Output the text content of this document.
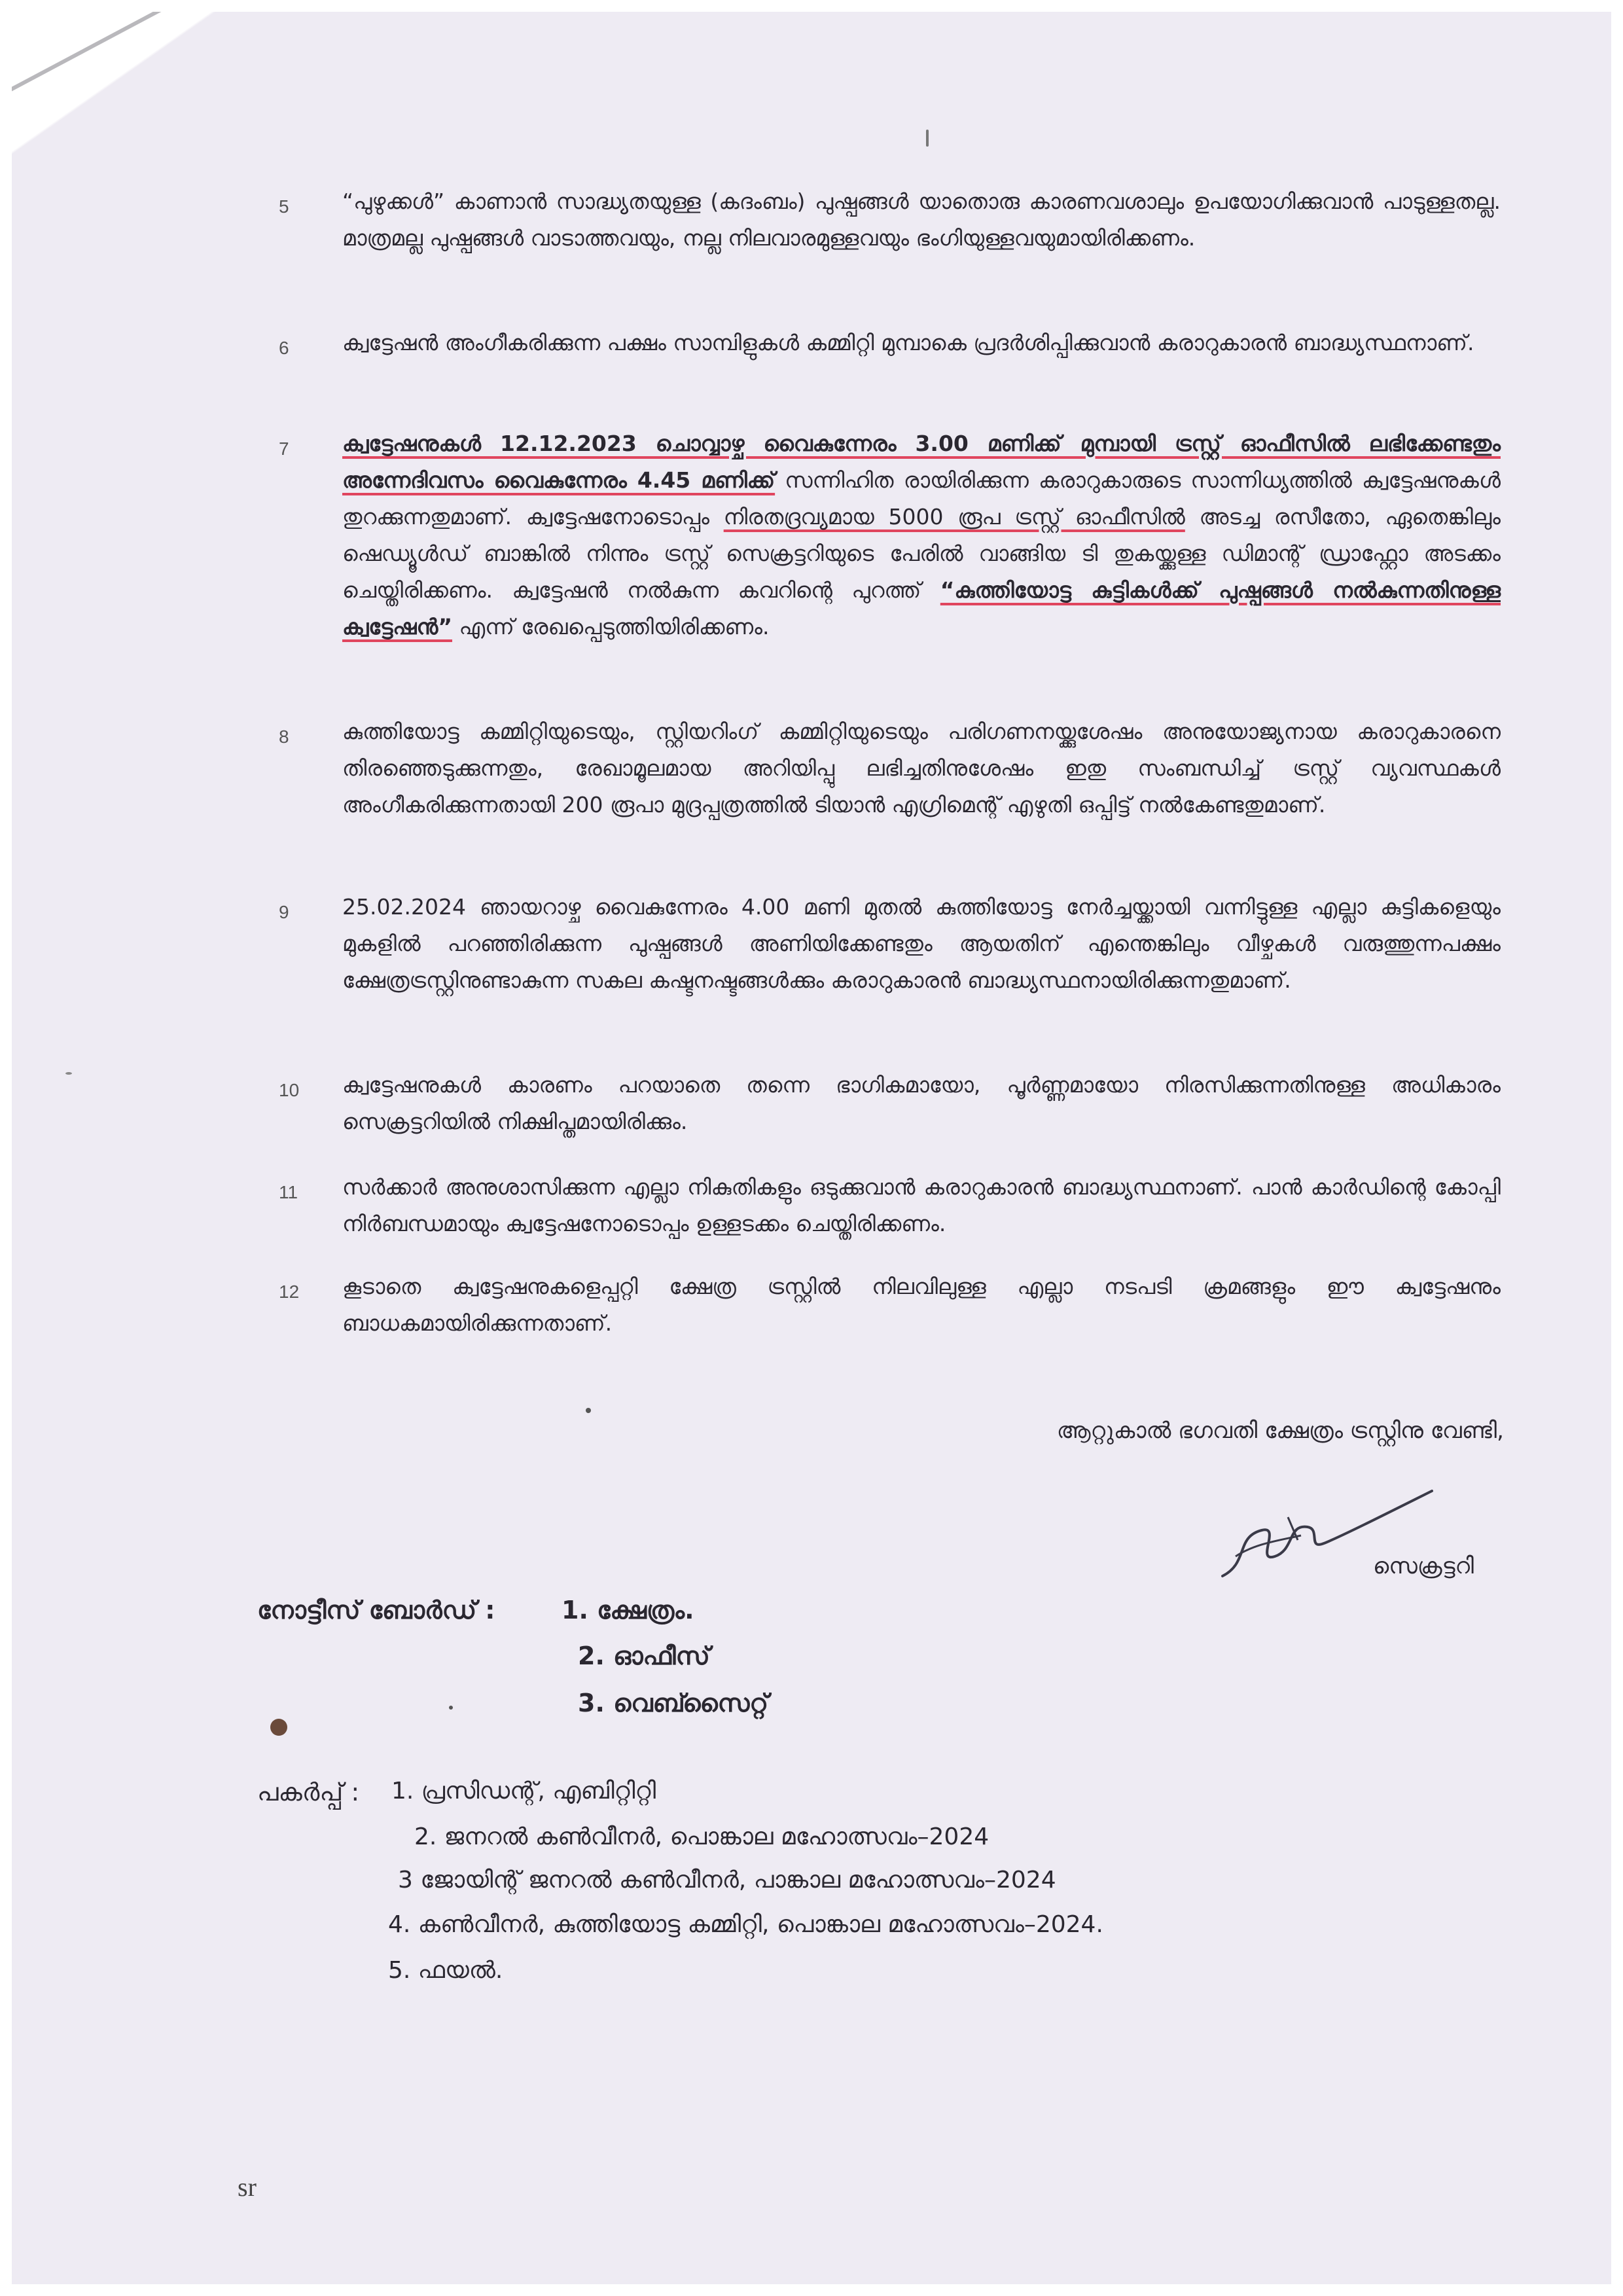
5 “പുഴുക്കൾ” കാണാൻ സാദ്ധ്യതയുള്ള (കദംബം) പുഷ്പങ്ങൾ യാതൊരു കാരണവശാലും ഉപയോഗിക്കുവാൻ പാടുള്ളതല്ല. മാത്രമല്ല പുഷ്പങ്ങൾ വാടാത്തവയും, നല്ല നിലവാരമുള്ളവയും ഭംഗിയുള്ളവയുമായിരിക്കണം.
6 ക്വട്ടേഷൻ അംഗീകരിക്കുന്ന പക്ഷം സാമ്പിളുകൾ കമ്മിറ്റി മുമ്പാകെ പ്രദർശിപ്പിക്കുവാൻ കരാറുകാരൻ ബാദ്ധ്യസ്ഥനാണ്.
7 ക്വട്ടേഷനുകൾ 12.12.2023 ചൊവ്വാഴ്ച വൈകുന്നേരം 3.00 മണിക്ക് മുമ്പായി ട്രസ്റ്റ് ഓഫീസിൽ ലഭിക്കേണ്ടതും അന്നേദിവസം വൈകുന്നേരം 4.45 മണിക്ക് സന്നിഹിത രായിരിക്കുന്ന കരാറുകാരുടെ സാന്നിധ്യത്തിൽ ക്വട്ടേഷനുകൾ തുറക്കുന്നതുമാണ്. ക്വട്ടേഷനോടൊപ്പം നിരതദ്രവ്യമായ 5000 രൂപ ട്രസ്റ്റ് ഓഫീസിൽ അടച്ച രസീതോ, ഏതെങ്കിലും ഷെഡ്യൂൾഡ് ബാങ്കിൽ നിന്നും ട്രസ്റ്റ് സെക്രട്ടറിയുടെ പേരിൽ വാങ്ങിയ ടി തുകയ്ക്കുള്ള ഡിമാന്റ് ഡ്രാഫ്റ്റോ അടക്കം ചെയ്തിരിക്കണം. ക്വട്ടേഷൻ നൽകുന്ന കവറിന്റെ പുറത്ത് “കുത്തിയോട്ട കുട്ടികൾക്ക് പുഷ്പങ്ങൾ നൽകുന്നതിനുള്ള ക്വട്ടേഷൻ” എന്ന് രേഖപ്പെടുത്തിയിരിക്കണം.
8 കുത്തിയോട്ട കമ്മിറ്റിയുടെയും, സ്റ്റിയറിംഗ് കമ്മിറ്റിയുടെയും പരിഗണനയ്ക്കുശേഷം അനുയോജ്യനായ കരാറുകാരനെ തിരഞ്ഞെടുക്കുന്നതും, രേഖാമൂലമായ അറിയിപ്പു ലഭിച്ചതിനുശേഷം ഇതു സംബന്ധിച്ച് ട്രസ്റ്റ് വ്യവസ്ഥകൾ അംഗീകരിക്കുന്നതായി 200 രൂപാ മുദ്രപ്പത്രത്തിൽ ടിയാൻ എഗ്രിമെന്റ് എഴുതി ഒപ്പിട്ട് നൽകേണ്ടതുമാണ്.
9 25.02.2024 ഞായറാഴ്ച വൈകുന്നേരം 4.00 മണി മുതൽ കുത്തിയോട്ട നേർച്ചയ്ക്കായി വന്നിട്ടുള്ള എല്ലാ കുട്ടികളെയും മുകളിൽ പറഞ്ഞിരിക്കുന്ന പുഷ്പങ്ങൾ അണിയിക്കേണ്ടതും ആയതിന് എന്തെങ്കിലും വീഴ്ചകൾ വരുത്തുന്നപക്ഷം ക്ഷേത്രട്രസ്റ്റിനുണ്ടാകുന്ന സകല കഷ്ടനഷ്ടങ്ങൾക്കും കരാറുകാരൻ ബാദ്ധ്യസ്ഥനായിരിക്കുന്നതുമാണ്.
10 ക്വട്ടേഷനുകൾ കാരണം പറയാതെ തന്നെ ഭാഗികമായോ, പൂർണ്ണമായോ നിരസിക്കുന്നതിനുള്ള അധികാരം സെക്രട്ടറിയിൽ നിക്ഷിപ്തമായിരിക്കും.
11 സർക്കാർ അനുശാസിക്കുന്ന എല്ലാ നികുതികളും ഒടുക്കുവാൻ കരാറുകാരൻ ബാദ്ധ്യസ്ഥനാണ്. പാൻ കാർഡിന്റെ കോപ്പി നിർബന്ധമായും ക്വട്ടേഷനോടൊപ്പം ഉള്ളടക്കം ചെയ്തിരിക്കണം.
12 കൂടാതെ ക്വട്ടേഷനുകളെപ്പറ്റി ക്ഷേത്ര ട്രസ്റ്റിൽ നിലവിലുള്ള എല്ലാ നടപടി ക്രമങ്ങളും ഈ ക്വട്ടേഷനും ബാധകമായിരിക്കുന്നതാണ്.
ആറ്റുകാൽ ഭഗവതി ക്ഷേത്രം ട്രസ്റ്റിനു വേണ്ടി,
സെക്രട്ടറി
നോട്ടീസ് ബോർഡ് :	1. ക്ഷേത്രം.
2. ഓഫീസ്
3. വെബ്സൈറ്റ്
പകർപ്പ് : 1. പ്രസിഡന്റ്, എബിറ്റിറ്റി
2. ജനറൽ കൺവീനർ, പൊങ്കാല മഹോത്സവം–2024
3 ജോയിന്റ് ജനറൽ കൺവീനർ, പാങ്കാല മഹോത്സവം–2024
4. കൺവീനർ, കുത്തിയോട്ട കമ്മിറ്റി, പൊങ്കാല മഹോത്സവം–2024.
5. ഫയൽ.
sr
